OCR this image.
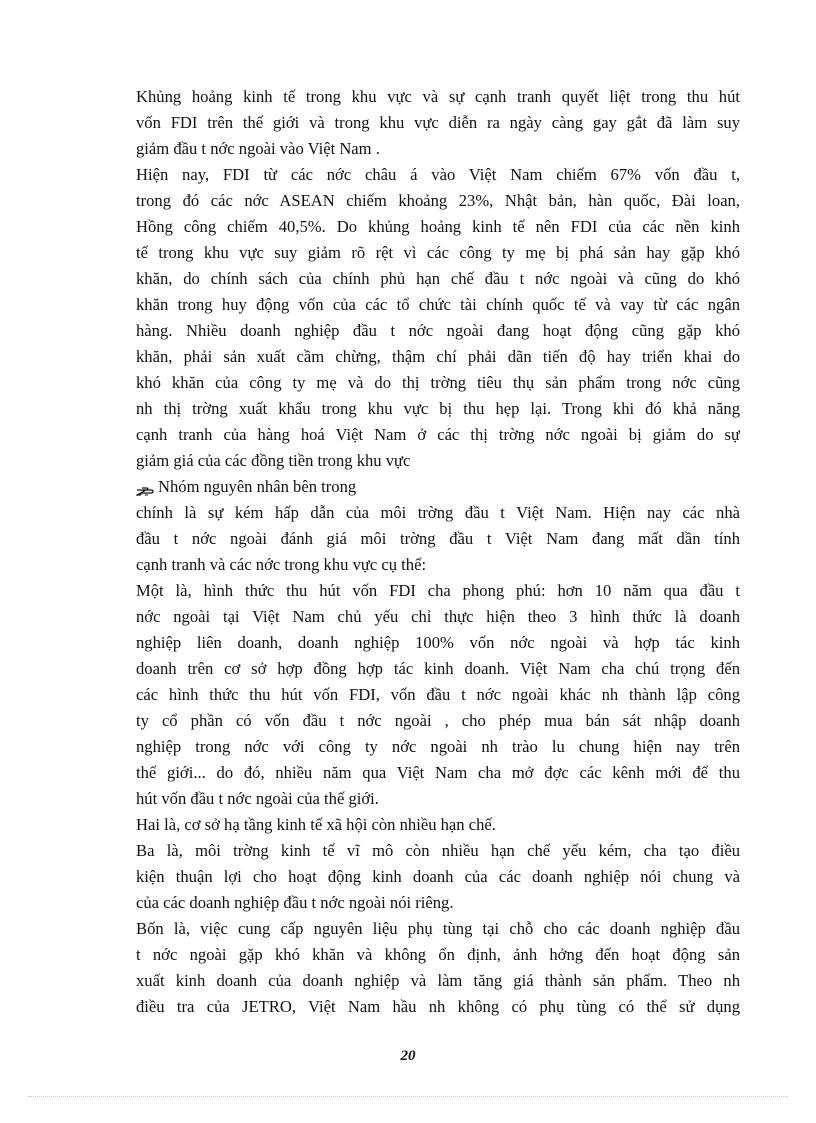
Khủng hoảng kinh tế trong khu vực và sự cạnh tranh quyết liệt trong thu hút
vốn FDI trên thế giới và trong khu vực diễn ra ngày càng gay gắt đã làm suy
giảm đầu t nớc ngoài vào Việt Nam .
Hiện nay, FDI từ các nớc châu á vào Việt Nam chiếm 67% vốn đầu t,
trong đó các nớc ASEAN chiếm khoảng 23%, Nhật bản, hàn quốc, Đài loan,
Hồng công chiếm 40,5%. Do khủng hoảng kinh tế nên FDI của các nền kinh
tế trong khu vực suy giảm rõ rệt vì các công ty mẹ bị phá sản hay gặp khó
khăn, do chính sách của chính phủ hạn chế đầu t nớc ngoài và cũng do khó
khăn trong huy động vốn của các tổ chức tài chính quốc tế và vay từ các ngân
hàng. Nhiều doanh nghiệp đầu t nớc ngoài đang hoạt động cũng gặp khó
khăn, phải sản xuất cầm chừng, thậm chí phải dãn tiến độ hay triển khai do
khó khăn của công ty mẹ và do thị trờng tiêu thụ sản phẩm trong nớc cũng
nh thị trờng xuất khẩu trong khu vực bị thu hẹp lại. Trong khi đó khả năng
cạnh tranh của hàng hoá Việt Nam ở các thị trờng nớc ngoài bị giảm do sự
giảm giá của các đồng tiền trong khu vực
Nhóm nguyên nhân bên trong
chính là sự kém hấp dẫn của môi trờng đầu t Việt Nam. Hiện nay các nhà
đầu t nớc ngoài đánh giá môi trờng đầu t Việt Nam đang mất dần tính
cạnh tranh và các nớc trong khu vực cụ thể:
Một là, hình thức thu hút vốn FDI cha phong phú: hơn 10 năm qua đầu t
nớc ngoài tại Việt Nam chủ yếu chỉ thực hiện theo 3 hình thức là doanh
nghiệp liên doanh, doanh nghiệp 100% vốn nớc ngoài và hợp tác kinh
doanh trên cơ sở hợp đồng hợp tác kinh doanh. Việt Nam cha chú trọng đến
các hình thức thu hút vốn FDI, vốn đầu t nớc ngoài khác nh thành lập công
ty cổ phần có vốn đầu t nớc ngoài , cho phép mua bán sát nhập doanh
nghiệp trong nớc với công ty nớc ngoài nh trào lu chung hiện nay trên
thế giới... do đó, nhiều năm qua Việt Nam cha mở đợc các kênh mới để thu
hút vốn đầu t nớc ngoài của thế giới.
Hai là, cơ sở hạ tầng kinh tế xã hội còn nhiều hạn chế.
Ba là, môi trờng kinh tế vĩ mô còn nhiều hạn chế yếu kém, cha tạo điều
kiện thuận lợi cho hoạt động kinh doanh của các doanh nghiệp nói chung và
của các doanh nghiệp đầu t nớc ngoài nói riêng.
Bốn là, việc cung cấp nguyên liệu phụ tùng tại chỗ cho các doanh nghiệp đầu
t nớc ngoài gặp khó khăn và không ổn định, ảnh hởng đến hoạt động sản
xuất kinh doanh của doanh nghiệp và làm tăng giá thành sản phẩm. Theo nh
điều tra của JETRO, Việt Nam hầu nh không có phụ tùng có thể sử dụng
20
